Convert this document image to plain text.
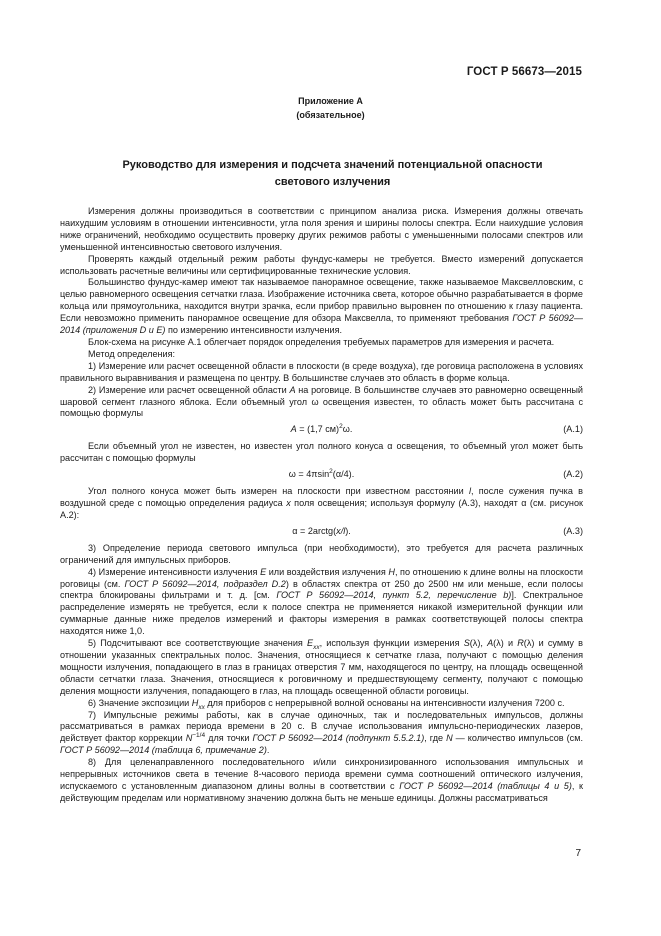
ГОСТ Р 56673—2015
Приложение А
(обязательное)
Руководство для измерения и подсчета значений потенциальной опасности
светового излучения

Измерения должны производиться в соответствии с принципом анализа риска. Измерения должны отвечать наихудшим условиям в отношении интенсивности, угла поля зрения и ширины полосы спектра. Если наихудшие условия ниже ограничений, необходимо осуществить проверку других режимов работы с уменьшенными полосами спектров или уменьшенной интенсивностью светового излучения.

Проверять каждый отдельный режим работы фундус-камеры не требуется. Вместо измерений допускается использовать расчетные величины или сертифицированные технические условия.

Большинство фундус-камер имеют так называемое панорамное освещение, также называемое Максвелловским, с целью равномерного освещения сетчатки глаза. Изображение источника света, которое обычно разрабатывается в форме кольца или прямоугольника, находится внутри зрачка, если прибор правильно выровнен по отношению к глазу пациента. Если невозможно применить панорамное освещение для обзора Максвелла, то применяют требования ГОСТ Р 56092—2014 (приложения D и E) по измерению интенсивности излучения.

Блок-схема на рисунке А.1 облегчает порядок определения требуемых параметров для измерения и расчета.

Метод определения:

1) Измерение или расчет освещенной области в плоскости (в среде воздуха), где роговица расположена в условиях правильного выравнивания и размещена по центру. В большинстве случаев это область в форме кольца.

2) Измерение или расчет освещенной области А на роговице. В большинстве случаев это равномерно освещенный шаровой сегмент глазного яблока. Если объемный угол ω освещения известен, то область может быть рассчитана с помощью формулы

А = (1,7 см)$^2$ω.	(А.1)

Если объемный угол не известен, но известен угол полного конуса α освещения, то объемный угол может быть рассчитан с помощью формулы

ω = 4πsin$^2$(α/4).	(А.2)

Угол полного конуса может быть измерен на плоскости при известном расстоянии l, после сужения пучка в воздушной среде с помощью определения радиуса x поля освещения; используя формулу (А.3), находят α (см. рисунок А.2):

α = 2arctg(x/l).	(А.3)

3) Определение периода светового импульса (при необходимости), это требуется для расчета различных ограничений для импульсных приборов.

4) Измерение интенсивности излучения E или воздействия излучения H, по отношению к длине волны на плоскости роговицы (см. ГОСТ Р 56092—2014, подраздел D.2) в областях спектра от 250 до 2500 нм или меньше, если полосы спектра блокированы фильтрами и т. д. [см. ГОСТ Р 56092—2014, пункт 5.2, перечисление b)]. Спектральное распределение измерять не требуется, если к полосе спектра не применяется никакой измерительной функции или суммарные данные ниже пределов измерений и факторы измерения в рамках соответствующей полосы спектра находятся ниже 1,0.

5) Подсчитывают все соответствующие значения $E_{xx}$, используя функции измерения S(λ), A(λ) и R(λ) и сумму в отношении указанных спектральных полос. Значения, относящиеся к сетчатке глаза, получают с помощью деления мощности излучения, попадающего в глаз в границах отверстия 7 мм, находящегося по центру, на площадь освещенной области сетчатки глаза. Значения, относящиеся к роговичному и предшествующему сегменту, получают с помощью деления мощности излучения, попадающего в глаз, на площадь освещенной области роговицы.

6) Значение экспозиции $H_{xx}$ для приборов с непрерывной волной основаны на интенсивности излучения 7200 с.

7) Импульсные режимы работы, как в случае одиночных, так и последовательных импульсов, должны рассматриваться в рамках периода времени в 20 с. В случае использования импульсно-периодических лазеров, действует фактор коррекции $N^{-1/4}$ для точки ГОСТ Р 56092—2014 (подпункт 5.5.2.1), где N — количество импульсов (см. ГОСТ Р 56092—2014 (таблица 6, примечание 2).

8) Для целенаправленного последовательного и/или синхронизированного использования импульсных и непрерывных источников света в течение 8-часового периода времени сумма соотношений оптического излучения, испускаемого с установленным диапазоном длины волны в соответствии с ГОСТ Р 56092—2014 (таблицы 4 и 5), к действующим пределам или нормативному значению должна быть не меньше единицы. Должны рассматриваться

7
